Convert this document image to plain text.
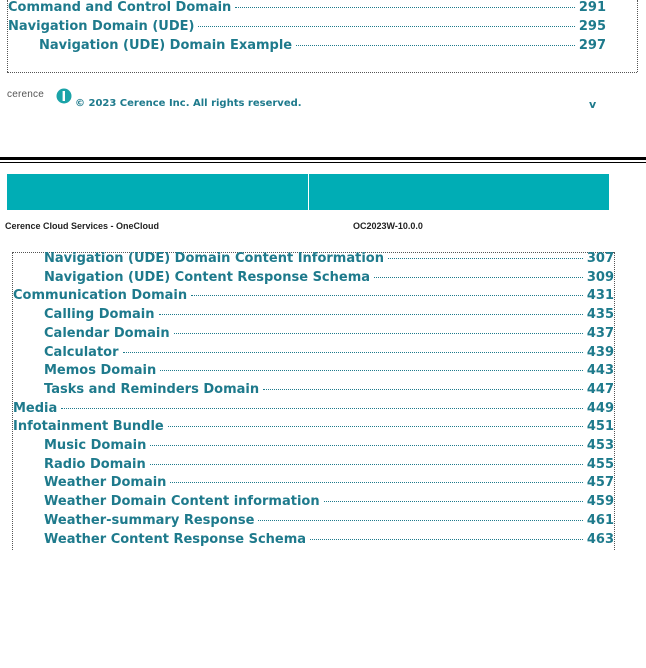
Command and Control Domain	291
Navigation Domain (UDE)	295
Navigation (UDE) Domain Example	297
cerence
© 2023 Cerence Inc. All rights reserved.	v
Cerence Cloud Services - OneCloud	OC2023W-10.0.0
Navigation (UDE) Domain Content Information	307
Navigation (UDE) Content Response Schema	309
Communication Domain	431
Calling Domain	435
Calendar Domain	437
Calculator	439
Memos Domain	443
Tasks and Reminders Domain	447
Media	449
Infotainment Bundle	451
Music Domain	453
Radio Domain	455
Weather Domain	457
Weather Domain Content information	459
Weather-summary Response	461
Weather Content Response Schema	463
